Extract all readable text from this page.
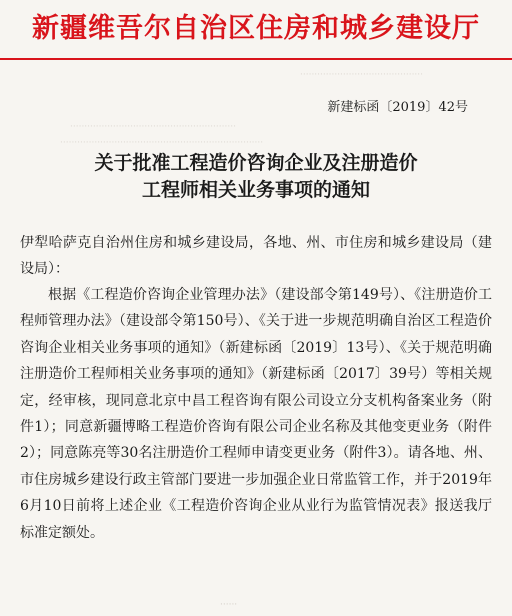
新疆维吾尔自治区住房和城乡建设厅
···········································
··························································
·······································································
新建标函〔2019〕42号
关于批准工程造价咨询企业及注册造价
工程师相关业务事项的通知
伊犁哈萨克自治州住房和城乡建设局，各地、州、市住房和城乡建设局（建设局）：
根据《工程造价咨询企业管理办法》（建设部令第149号）、《注册造价工程师管理办法》（建设部令第150号）、《关于进一步规范明确自治区工程造价咨询企业相关业务事项的通知》（新建标函〔2019〕13号）、《关于规范明确注册造价工程师相关业务事项的通知》（新建标函〔2017〕39号）等相关规定，经审核，现同意北京中昌工程咨询有限公司设立分支机构备案业务（附件1）；同意新疆博略工程造价咨询有限公司企业名称及其他变更业务（附件2）；同意陈亮等30名注册造价工程师申请变更业务（附件3）。请各地、州、市住房城乡建设行政主管部门要进一步加强企业日常监管工作，并于2019年6月10日前将上述企业《工程造价咨询企业从业行为监管情况表》报送我厅标准定额处。
······
